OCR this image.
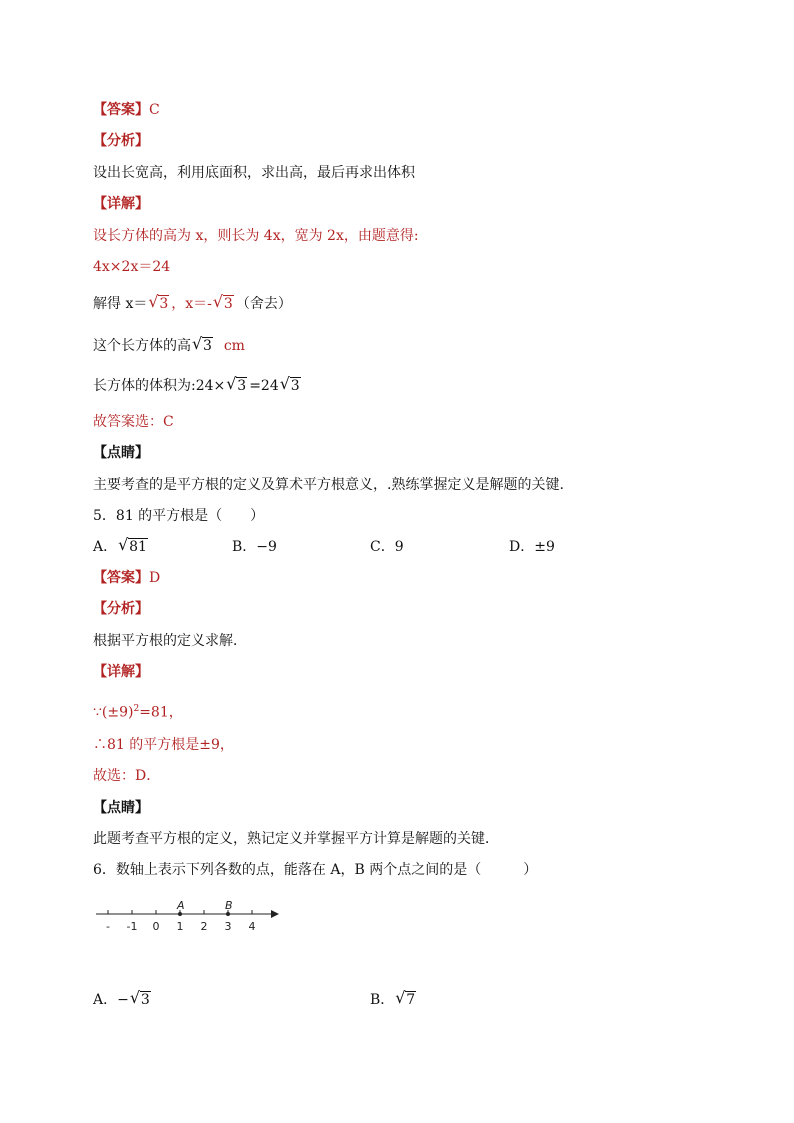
【答案】C
【分析】
设出长宽高，利用底面积，求出高，最后再求出体积
【详解】
设长方体的高为 x，则长为 4x，宽为 2x，由题意得:
4x×2x＝24
解得 x＝ √ 3 ，x＝- √ 3 （舍去）
这个长方体的高 √ 3 cm
长方体的体积为:24× √ 3 =24 √ 3
故答案选：C
【点睛】
主要考查的是平方根的定义及算术平方根意义，.熟练掌握定义是解题的关键.
5．81 的平方根是（　　）
A． √ 81	B．−9	C．9	D．±9
【答案】D
【分析】
根据平方根的定义求解．
【详解】
$\because(\pm 9)^2=81$，
∴81 的平方根是±9，
故选：D．
【点睛】
此题考查平方根的定义，熟记定义并掌握平方计算是解题的关键．
6．数轴上表示下列各数的点，能落在 A，B 两个点之间的是（　　　）
- -1 0 1 2 3 4
A	B
A．− √ 3	B． √ 7
